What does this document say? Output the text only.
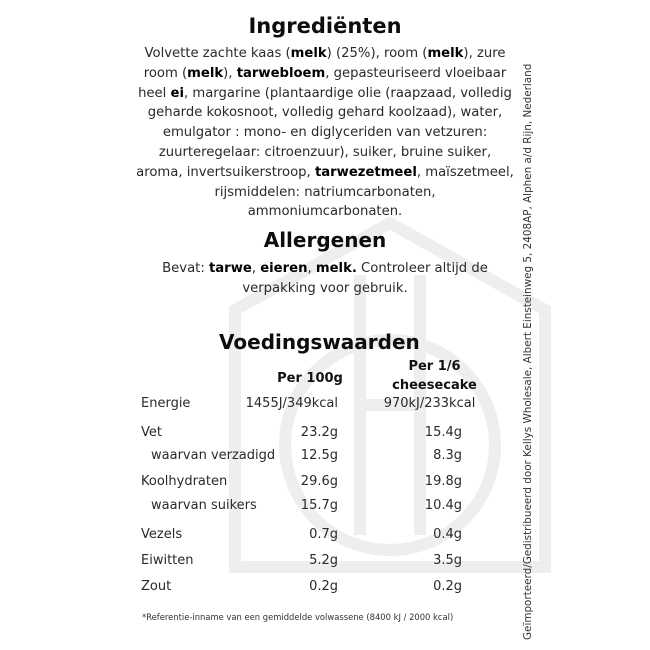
Ingrediënten
Volvette zachte kaas (melk) (25%), room (melk), zure
room (melk), tarwebloem, gepasteuriseerd vloeibaar
heel ei, margarine (plantaardige olie (raapzaad, volledig
geharde kokosnoot, volledig gehard koolzaad), water,
emulgator : mono- en diglyceriden van vetzuren:
zuurteregelaar: citroenzuur), suiker, bruine suiker,
aroma, invertsuikerstroop, tarwezetmeel, maïszetmeel,
rijsmiddelen: natriumcarbonaten,
ammoniumcarbonaten.
Allergenen
Bevat: tarwe, eieren, melk. Controleer altijd de
verpakking voor gebruik.
Voedingswaarden
Per 100g
Per 1/6
cheesecake
Energie	1455J/349kcal	970kJ/233kcal
Vet	23.2g	15.4g
waarvan verzadigd	12.5g	8.3g
Koolhydraten	29.6g	19.8g
waarvan suikers	15.7g	10.4g
Vezels	0.7g	0.4g
Eiwitten	5.2g	3.5g
Zout	0.2g	0.2g
*Referentie-inname van een gemiddelde volwassene (8400 kJ / 2000 kcal)	Geïmporteerd/Gedistribueerd door Kellys Wholesale, Albert Einsteinweg 5, 2408AP, Alphen a/d Rijn, Nederland
